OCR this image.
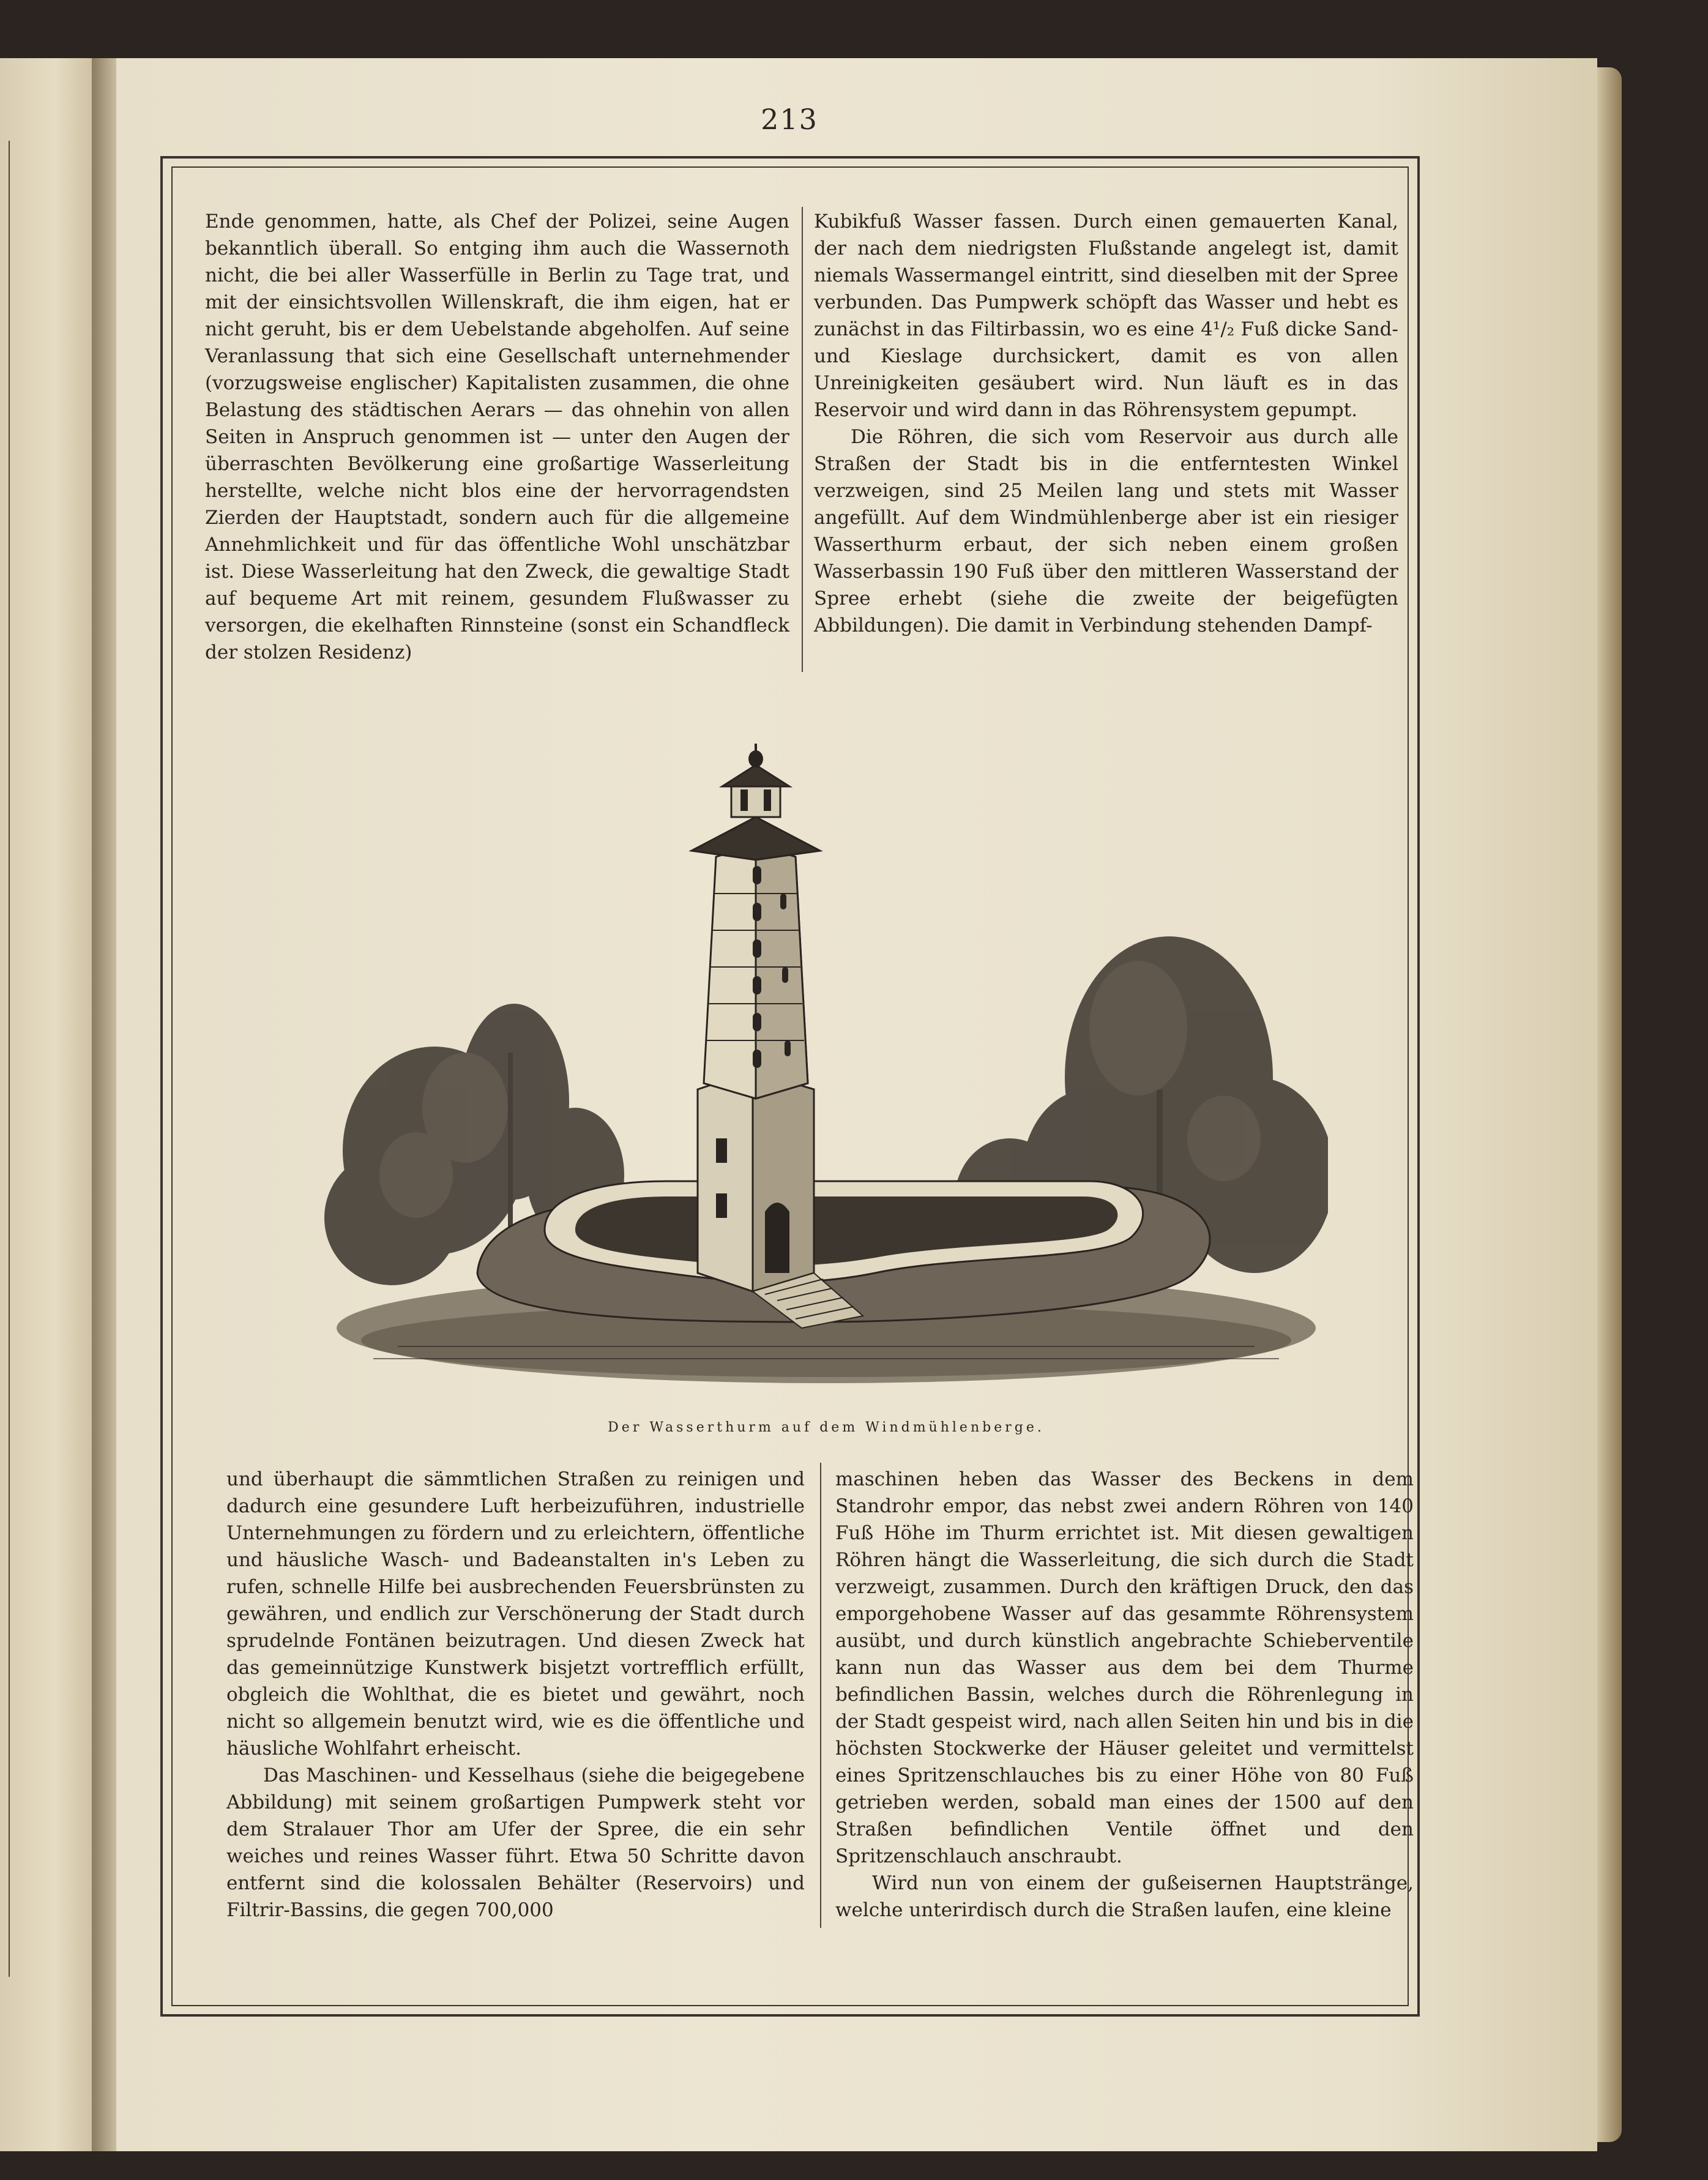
213

Ende genommen, hatte, als Chef der Polizei, seine Augen bekanntlich überall. So entging ihm auch die Wassernoth nicht, die bei aller Wasserfülle in Berlin zu Tage trat, und mit der einsichtsvollen Willenskraft, die ihm eigen, hat er nicht geruht, bis er dem Uebelstande abgeholfen. Auf seine Veranlassung that sich eine Gesellschaft unternehmender (vorzugsweise englischer) Kapitalisten zusammen, die ohne Belastung des städtischen Aerars — das ohnehin von allen Seiten in Anspruch genommen ist — unter den Augen der überraschten Bevölkerung eine großartige Wasserleitung herstellte, welche nicht blos eine der hervorragendsten Zierden der Hauptstadt, sondern auch für die allgemeine Annehmlichkeit und für das öffentliche Wohl unschätzbar ist. Diese Wasserleitung hat den Zweck, die gewaltige Stadt auf bequeme Art mit reinem, gesundem Flußwasser zu versorgen, die ekelhaften Rinnsteine (sonst ein Schandfleck der stolzen Residenz)

Kubikfuß Wasser fassen. Durch einen gemauerten Kanal, der nach dem niedrigsten Flußstande angelegt ist, damit niemals Wassermangel eintritt, sind dieselben mit der Spree verbunden. Das Pumpwerk schöpft das Wasser und hebt es zunächst in das Filtirbassin, wo es eine 4¹/₂ Fuß dicke Sand- und Kieslage durchsickert, damit es von allen Unreinigkeiten gesäubert wird. Nun läuft es in das Reservoir und wird dann in das Röhrensystem gepumpt.

Die Röhren, die sich vom Reservoir aus durch alle Straßen der Stadt bis in die entferntesten Winkel verzweigen, sind 25 Meilen lang und stets mit Wasser angefüllt. Auf dem Windmühlenberge aber ist ein riesiger Wasserthurm erbaut, der sich neben einem großen Wasserbassin 190 Fuß über den mittleren Wasserstand der Spree erhebt (siehe die zweite der beigefügten Abbildungen). Die damit in Verbindung stehenden Dampf-

Der Wasserthurm auf dem Windmühlenberge.

und überhaupt die sämmtlichen Straßen zu reinigen und dadurch eine gesundere Luft herbeizuführen, industrielle Unternehmungen zu fördern und zu erleichtern, öffentliche und häusliche Wasch- und Badeanstalten in's Leben zu rufen, schnelle Hilfe bei ausbrechenden Feuersbrünsten zu gewähren, und endlich zur Verschönerung der Stadt durch sprudelnde Fontänen beizutragen. Und diesen Zweck hat das gemeinnützige Kunstwerk bisjetzt vortrefflich erfüllt, obgleich die Wohlthat, die es bietet und gewährt, noch nicht so allgemein benutzt wird, wie es die öffentliche und häusliche Wohlfahrt erheischt.

Das Maschinen- und Kesselhaus (siehe die beigegebene Abbildung) mit seinem großartigen Pumpwerk steht vor dem Stralauer Thor am Ufer der Spree, die ein sehr weiches und reines Wasser führt. Etwa 50 Schritte davon entfernt sind die kolossalen Behälter (Reservoirs) und Filtrir-Bassins, die gegen 700,000

maschinen heben das Wasser des Beckens in dem Standrohr empor, das nebst zwei andern Röhren von 140 Fuß Höhe im Thurm errichtet ist. Mit diesen gewaltigen Röhren hängt die Wasserleitung, die sich durch die Stadt verzweigt, zusammen. Durch den kräftigen Druck, den das emporgehobene Wasser auf das gesammte Röhrensystem ausübt, und durch künstlich angebrachte Schieberventile kann nun das Wasser aus dem bei dem Thurme befindlichen Bassin, welches durch die Röhrenlegung in der Stadt gespeist wird, nach allen Seiten hin und bis in die höchsten Stockwerke der Häuser geleitet und vermittelst eines Spritzenschlauches bis zu einer Höhe von 80 Fuß getrieben werden, sobald man eines der 1500 auf den Straßen befindlichen Ventile öffnet und den Spritzenschlauch anschraubt.

Wird nun von einem der gußeisernen Hauptstränge, welche unterirdisch durch die Straßen laufen, eine kleine
